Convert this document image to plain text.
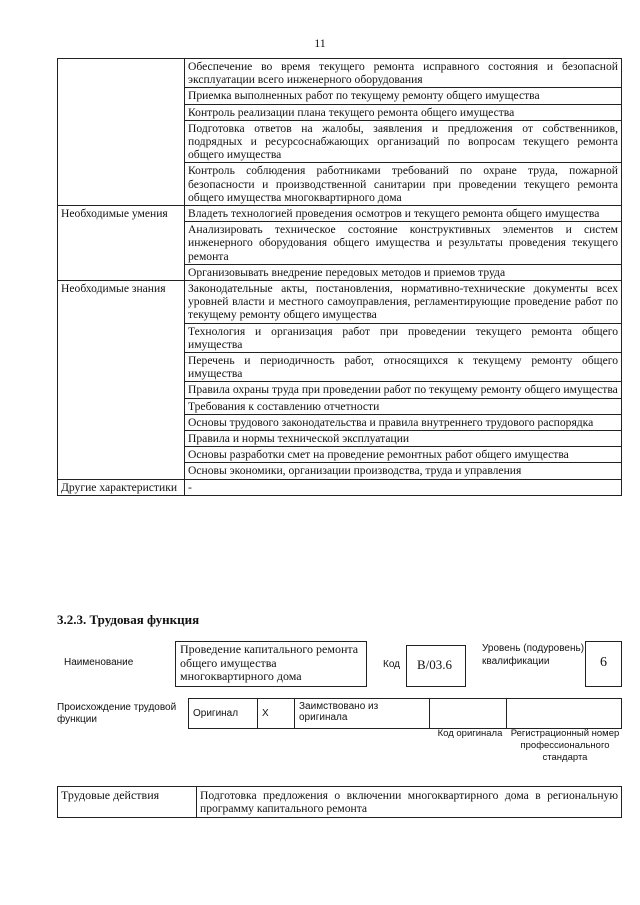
11
	Обеспечение во время текущего ремонта исправного состояния и безопасной эксплуатации всего инженерного оборудования
	Приемка выполненных работ по текущему ремонту общего имущества
	Контроль реализации плана текущего ремонта общего имущества
	Подготовка ответов на жалобы, заявления и предложения от собственников, подрядных и ресурсоснабжающих организаций по вопросам текущего ремонта общего имущества
	Контроль соблюдения работниками требований по охране труда, пожарной безопасности и производственной санитарии при проведении текущего ремонта общего имущества многоквартирного дома
Необходимые умения	Владеть технологией проведения осмотров и текущего ремонта общего имущества
	Анализировать техническое состояние конструктивных элементов и систем инженерного оборудования общего имущества и результаты проведения текущего ремонта
	Организовывать внедрение передовых методов и приемов труда
Необходимые знания	Законодательные акты, постановления, нормативно-технические документы всех уровней власти и местного самоуправления, регламентирующие проведение работ по текущему ремонту общего имущества
	Технология и организация работ при проведении текущего ремонта общего имущества
	Перечень и периодичность работ, относящихся к текущему ремонту общего имущества
	Правила охраны труда при проведении работ по текущему ремонту общего имущества
	Требования к составлению отчетности
	Основы трудового законодательства и правила внутреннего трудового распорядка
	Правила и нормы технической эксплуатации
	Основы разработки смет на проведение ремонтных работ общего имущества
	Основы экономики, организации производства, труда и управления
Другие характеристики	-
3.2.3. Трудовая функция
Наименование
Проведение капитального ремонта общего имущества многоквартирного дома
Код	B/03.6
Уровень (подуровень) квалификации	6
Происхождение трудовой функции
Оригинал	X	Заимствовано из оригинала		
Код оригинала Регистрационный номер профессионального стандарта
Трудовые действия	Подготовка предложения о включении многоквартирного дома в региональную программу капитального ремонта
